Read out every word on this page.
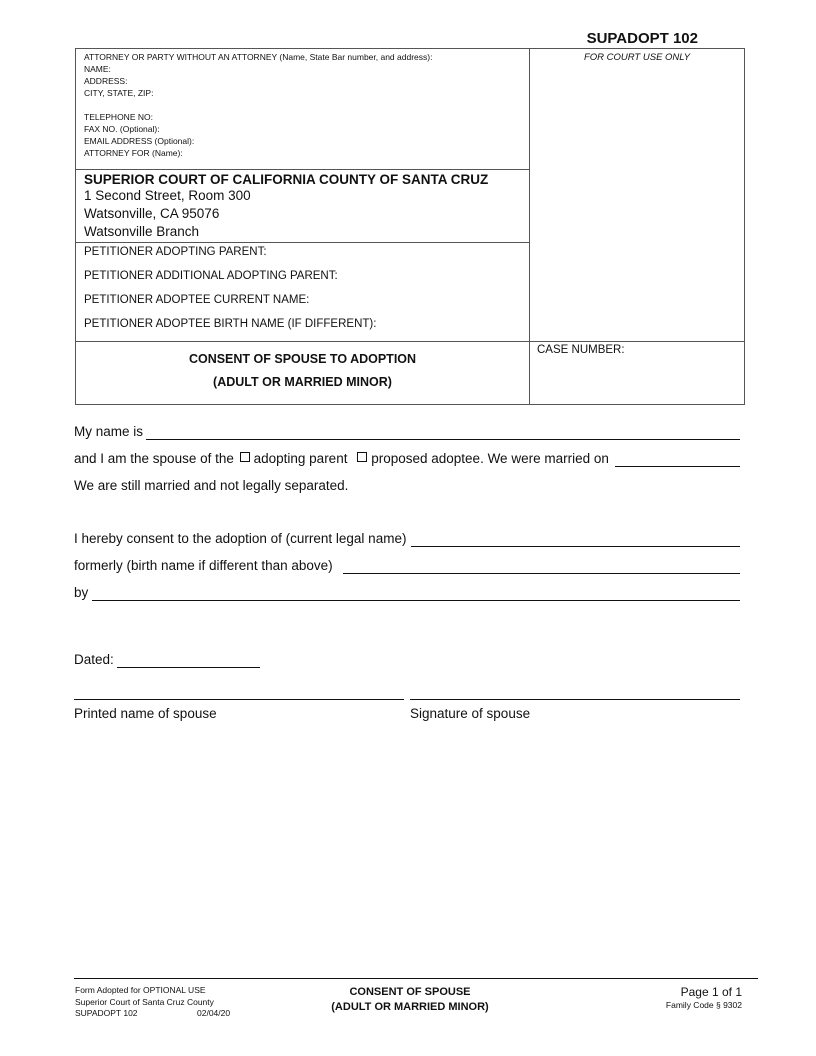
SUPADOPT 102
ATTORNEY OR PARTY WITHOUT AN ATTORNEY (Name, State Bar number, and address):
NAME:
ADDRESS:
CITY, STATE, ZIP:
TELEPHONE NO:
FAX NO. (Optional):
EMAIL ADDRESS (Optional):
ATTORNEY FOR (Name):
FOR COURT USE ONLY
SUPERIOR COURT OF CALIFORNIA COUNTY OF SANTA CRUZ
1 Second Street, Room 300
Watsonville, CA 95076
Watsonville Branch
PETITIONER ADOPTING PARENT:
PETITIONER ADDITIONAL ADOPTING PARENT:
PETITIONER ADOPTEE CURRENT NAME:
PETITIONER ADOPTEE BIRTH NAME (IF DIFFERENT):
CONSENT OF SPOUSE TO ADOPTION
(ADULT OR MARRIED MINOR)
CASE NUMBER:
My name is
and I am the spouse of the adopting parent proposed adoptee. We were married on
We are still married and not legally separated.
I hereby consent to the adoption of (current legal name)
formerly (birth name if different than above)
by
Dated:
Printed name of spouse	Signature of spouse
Form Adopted for OPTIONAL USE
Superior Court of Santa Cruz County
SUPADOPT 102	02/04/20
CONSENT OF SPOUSE
(ADULT OR MARRIED MINOR)
Page 1 of 1
Family Code § 9302
